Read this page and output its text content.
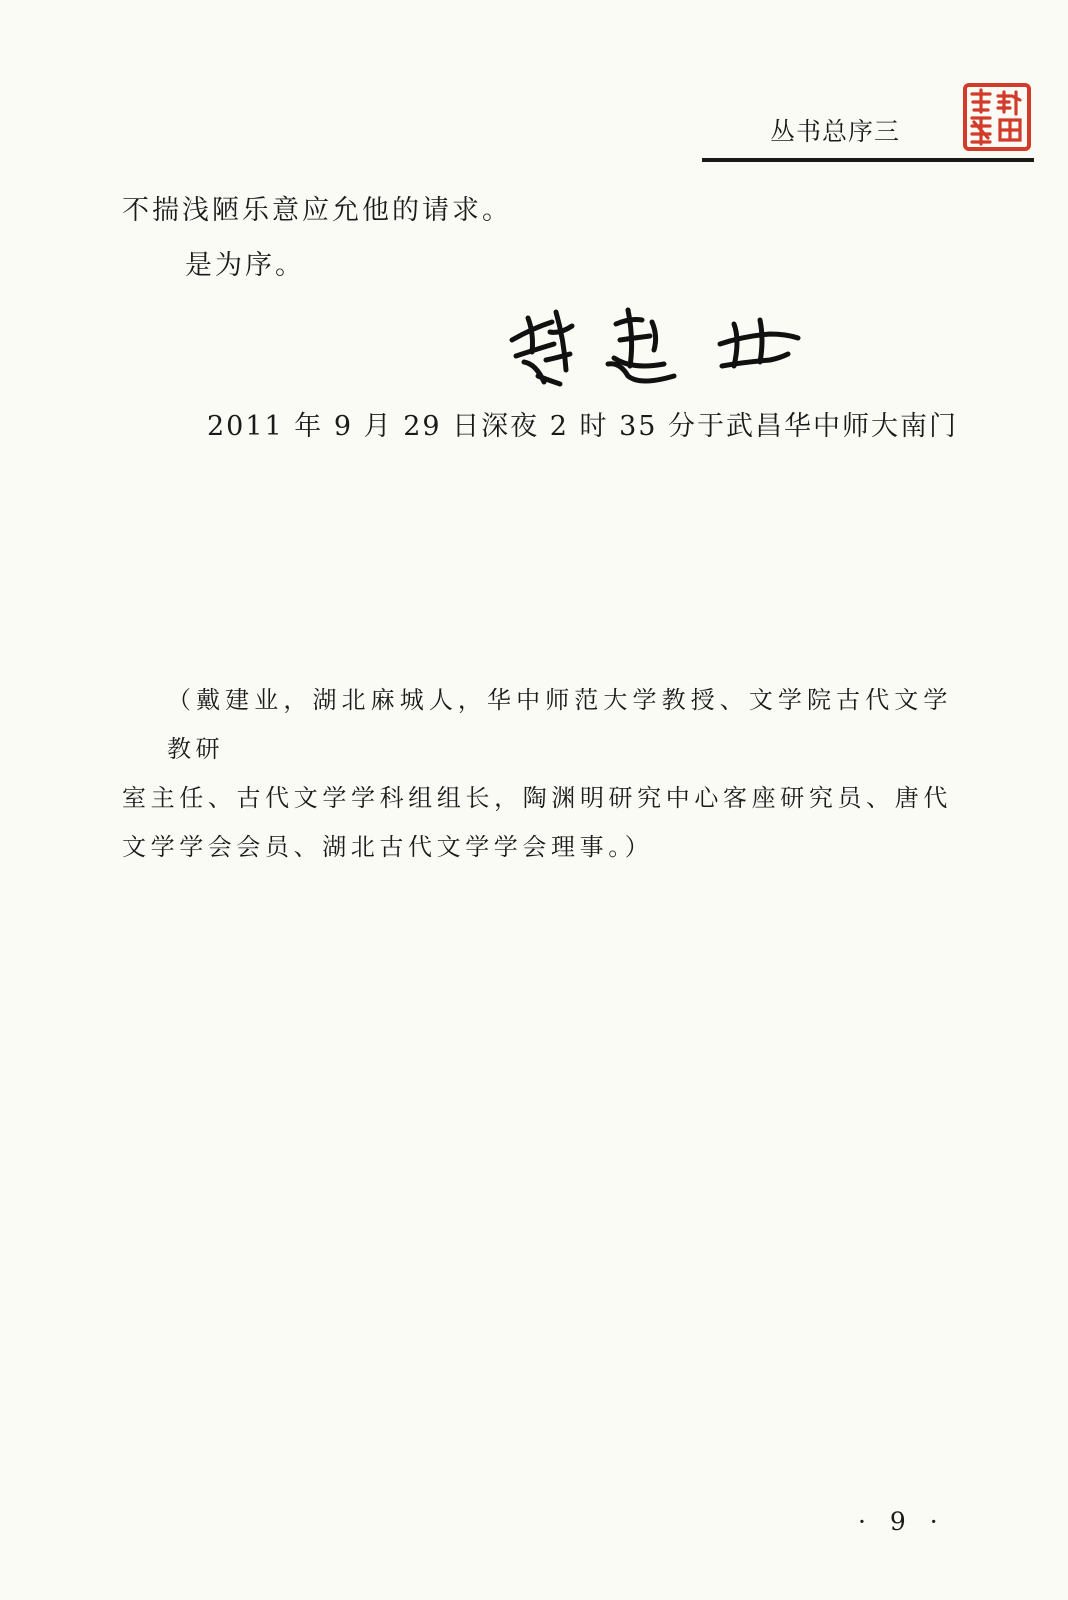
丛书总序三
不揣浅陋乐意应允他的请求。
是为序。
2011 年 9 月 29 日深夜 2 时 35 分于武昌华中师大南门
（戴建业，湖北麻城人，华中师范大学教授、文学院古代文学教研
室主任、古代文学学科组组长，陶渊明研究中心客座研究员、唐代文学学会会员、湖北古代文学学会理事。）
· 9 ·
